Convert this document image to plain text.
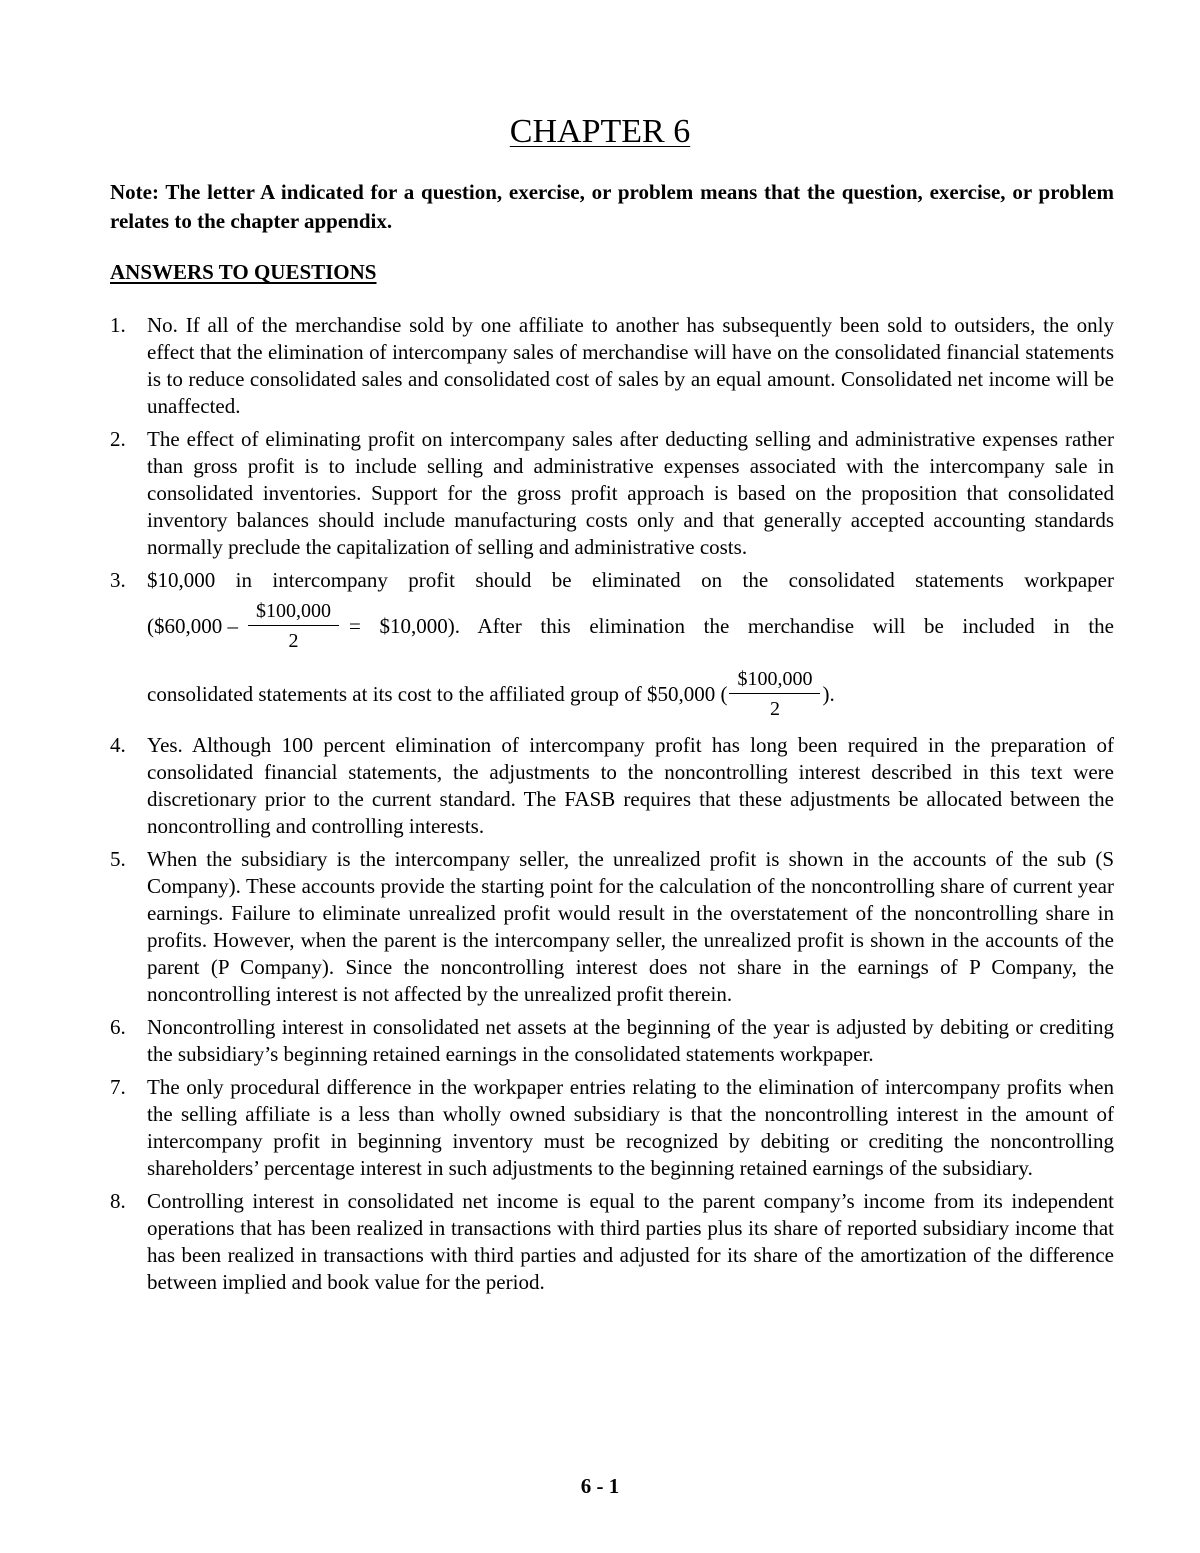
CHAPTER 6
Note: The letter A indicated for a question, exercise, or problem means that the question, exercise, or problem relates to the chapter appendix.
ANSWERS TO QUESTIONS
1. No. If all of the merchandise sold by one affiliate to another has subsequently been sold to outsiders, the only effect that the elimination of intercompany sales of merchandise will have on the consolidated financial statements is to reduce consolidated sales and consolidated cost of sales by an equal amount. Consolidated net income will be unaffected.
2. The effect of eliminating profit on intercompany sales after deducting selling and administrative expenses rather than gross profit is to include selling and administrative expenses associated with the intercompany sale in consolidated inventories. Support for the gross profit approach is based on the proposition that consolidated inventory balances should include manufacturing costs only and that generally accepted accounting standards normally preclude the capitalization of selling and administrative costs.
3. $10,000 in intercompany profit should be eliminated on the consolidated statements workpaper
($60,000 – $\frac{\$100,000}{2}$ = $10,000). After this elimination the merchandise will be included in the
consolidated statements at its cost to the affiliated group of $50,000 ( $\frac{\$100,000}{2}$ ).
4. Yes. Although 100 percent elimination of intercompany profit has long been required in the preparation of consolidated financial statements, the adjustments to the noncontrolling interest described in this text were discretionary prior to the current standard. The FASB requires that these adjustments be allocated between the noncontrolling and controlling interests.
5. When the subsidiary is the intercompany seller, the unrealized profit is shown in the accounts of the sub (S Company). These accounts provide the starting point for the calculation of the noncontrolling share of current year earnings. Failure to eliminate unrealized profit would result in the overstatement of the noncontrolling share in profits. However, when the parent is the intercompany seller, the unrealized profit is shown in the accounts of the parent (P Company). Since the noncontrolling interest does not share in the earnings of P Company, the noncontrolling interest is not affected by the unrealized profit therein.
6. Noncontrolling interest in consolidated net assets at the beginning of the year is adjusted by debiting or crediting the subsidiary’s beginning retained earnings in the consolidated statements workpaper.
7. The only procedural difference in the workpaper entries relating to the elimination of intercompany profits when the selling affiliate is a less than wholly owned subsidiary is that the noncontrolling interest in the amount of intercompany profit in beginning inventory must be recognized by debiting or crediting the noncontrolling shareholders’ percentage interest in such adjustments to the beginning retained earnings of the subsidiary.
8. Controlling interest in consolidated net income is equal to the parent company’s income from its independent operations that has been realized in transactions with third parties plus its share of reported subsidiary income that has been realized in transactions with third parties and adjusted for its share of the amortization of the difference between implied and book value for the period.
6 - 1
